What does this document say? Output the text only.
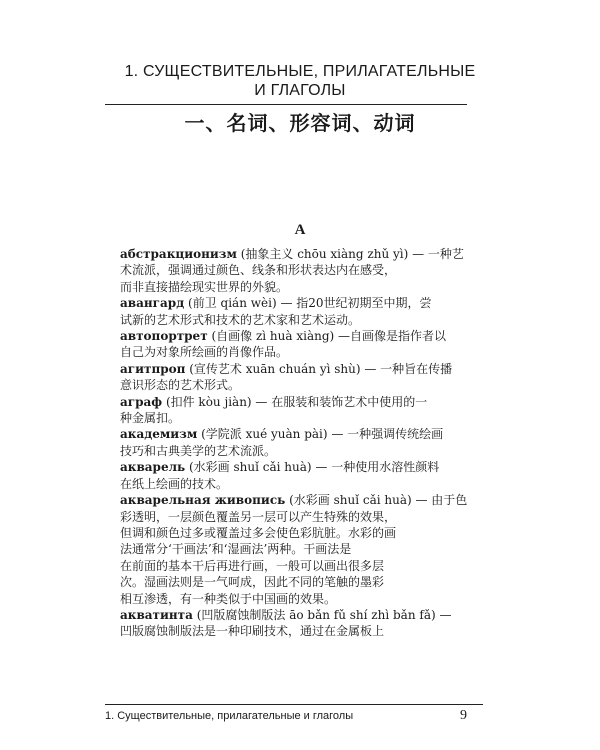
1. СУЩЕСТВИТЕЛЬНЫЕ, ПРИЛАГАТЕЛЬНЫЕ
И ГЛАГОЛЫ
一、名词、形容词、动词
А

абстракционизм (抽象主义 chōu xiàng zhǔ yì) — 一种艺
术流派，强调通过颜色、线条和形状表达内在感受，
而非直接描绘现实世界的外貌。

авангард (前卫 qián wèi) — 指20世纪初期至中期，尝
试新的艺术形式和技术的艺术家和艺术运动。

автопортрет (自画像 zì huà xiàng) —自画像是指作者以
自己为对象所绘画的肖像作品。

агитпроп (宣传艺术 xuān chuán yì shù) — 一种旨在传播
意识形态的艺术形式。

аграф (扣件 kòu jiàn) — 在服装和装饰艺术中使用的一
种金属扣。

академизм (学院派 xué yuàn pài) — 一种强调传统绘画
技巧和古典美学的艺术流派。

акварель (水彩画 shuǐ cǎi huà) — 一种使用水溶性颜料
在纸上绘画的技术。

акварельная живопись (水彩画 shuǐ cǎi huà) — 由于色
彩透明，一层颜色覆盖另一层可以产生特殊的效果，
但调和颜色过多或覆盖过多会使色彩肮脏。水彩的画
法通常分‘干画法’和‘湿画法’两种。干画法是
在前面的基本干后再进行画，一般可以画出很多层
次。湿画法则是一气呵成，因此不同的笔触的墨彩
相互渗透，有一种类似于中国画的效果。

акватинта (凹版腐蚀制版法 āo bǎn fǔ shí zhì bǎn fǎ) —
凹版腐蚀制版法是一种印刷技术，通过在金属板上

1. Существительные, прилагательные и глаголы	9
